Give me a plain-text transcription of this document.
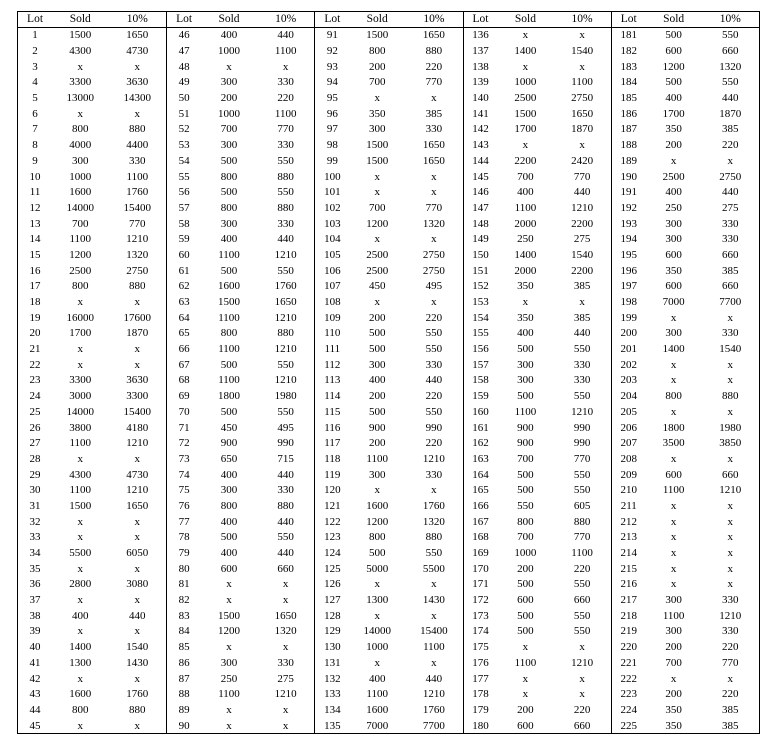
Lot	Sold	10%
1	1500	1650
2	4300	4730
3	x	x
4	3300	3630
5	13000	14300
6	x	x
7	800	880
8	4000	4400
9	300	330
10	1000	1100
11	1600	1760
12	14000	15400
13	700	770
14	1100	1210
15	1200	1320
16	2500	2750
17	800	880
18	x	x
19	16000	17600
20	1700	1870
21	x	x
22	x	x
23	3300	3630
24	3000	3300
25	14000	15400
26	3800	4180
27	1100	1210
28	x	x
29	4300	4730
30	1100	1210
31	1500	1650
32	x	x
33	x	x
34	5500	6050
35	x	x
36	2800	3080
37	x	x
38	400	440
39	x	x
40	1400	1540
41	1300	1430
42	x	x
43	1600	1760
44	800	880
45	x	x
Lot	Sold	10%
46	400	440
47	1000	1100
48	x	x
49	300	330
50	200	220
51	1000	1100
52	700	770
53	300	330
54	500	550
55	800	880
56	500	550
57	800	880
58	300	330
59	400	440
60	1100	1210
61	500	550
62	1600	1760
63	1500	1650
64	1100	1210
65	800	880
66	1100	1210
67	500	550
68	1100	1210
69	1800	1980
70	500	550
71	450	495
72	900	990
73	650	715
74	400	440
75	300	330
76	800	880
77	400	440
78	500	550
79	400	440
80	600	660
81	x	x
82	x	x
83	1500	1650
84	1200	1320
85	x	x
86	300	330
87	250	275
88	1100	1210
89	x	x
90	x	x
Lot	Sold	10%
91	1500	1650
92	800	880
93	200	220
94	700	770
95	x	x
96	350	385
97	300	330
98	1500	1650
99	1500	1650
100	x	x
101	x	x
102	700	770
103	1200	1320
104	x	x
105	2500	2750
106	2500	2750
107	450	495
108	x	x
109	200	220
110	500	550
111	500	550
112	300	330
113	400	440
114	200	220
115	500	550
116	900	990
117	200	220
118	1100	1210
119	300	330
120	x	x
121	1600	1760
122	1200	1320
123	800	880
124	500	550
125	5000	5500
126	x	x
127	1300	1430
128	x	x
129	14000	15400
130	1000	1100
131	x	x
132	400	440
133	1100	1210
134	1600	1760
135	7000	7700
Lot	Sold	10%
136	x	x
137	1400	1540
138	x	x
139	1000	1100
140	2500	2750
141	1500	1650
142	1700	1870
143	x	x
144	2200	2420
145	700	770
146	400	440
147	1100	1210
148	2000	2200
149	250	275
150	1400	1540
151	2000	2200
152	350	385
153	x	x
154	350	385
155	400	440
156	500	550
157	300	330
158	300	330
159	500	550
160	1100	1210
161	900	990
162	900	990
163	700	770
164	500	550
165	500	550
166	550	605
167	800	880
168	700	770
169	1000	1100
170	200	220
171	500	550
172	600	660
173	500	550
174	500	550
175	x	x
176	1100	1210
177	x	x
178	x	x
179	200	220
180	600	660
Lot	Sold	10%
181	500	550
182	600	660
183	1200	1320
184	500	550
185	400	440
186	1700	1870
187	350	385
188	200	220
189	x	x
190	2500	2750
191	400	440
192	250	275
193	300	330
194	300	330
195	600	660
196	350	385
197	600	660
198	7000	7700
199	x	x
200	300	330
201	1400	1540
202	x	x
203	x	x
204	800	880
205	x	x
206	1800	1980
207	3500	3850
208	x	x
209	600	660
210	1100	1210
211	x	x
212	x	x
213	x	x
214	x	x
215	x	x
216	x	x
217	300	330
218	1100	1210
219	300	330
220	200	220
221	700	770
222	x	x
223	200	220
224	350	385
225	350	385
